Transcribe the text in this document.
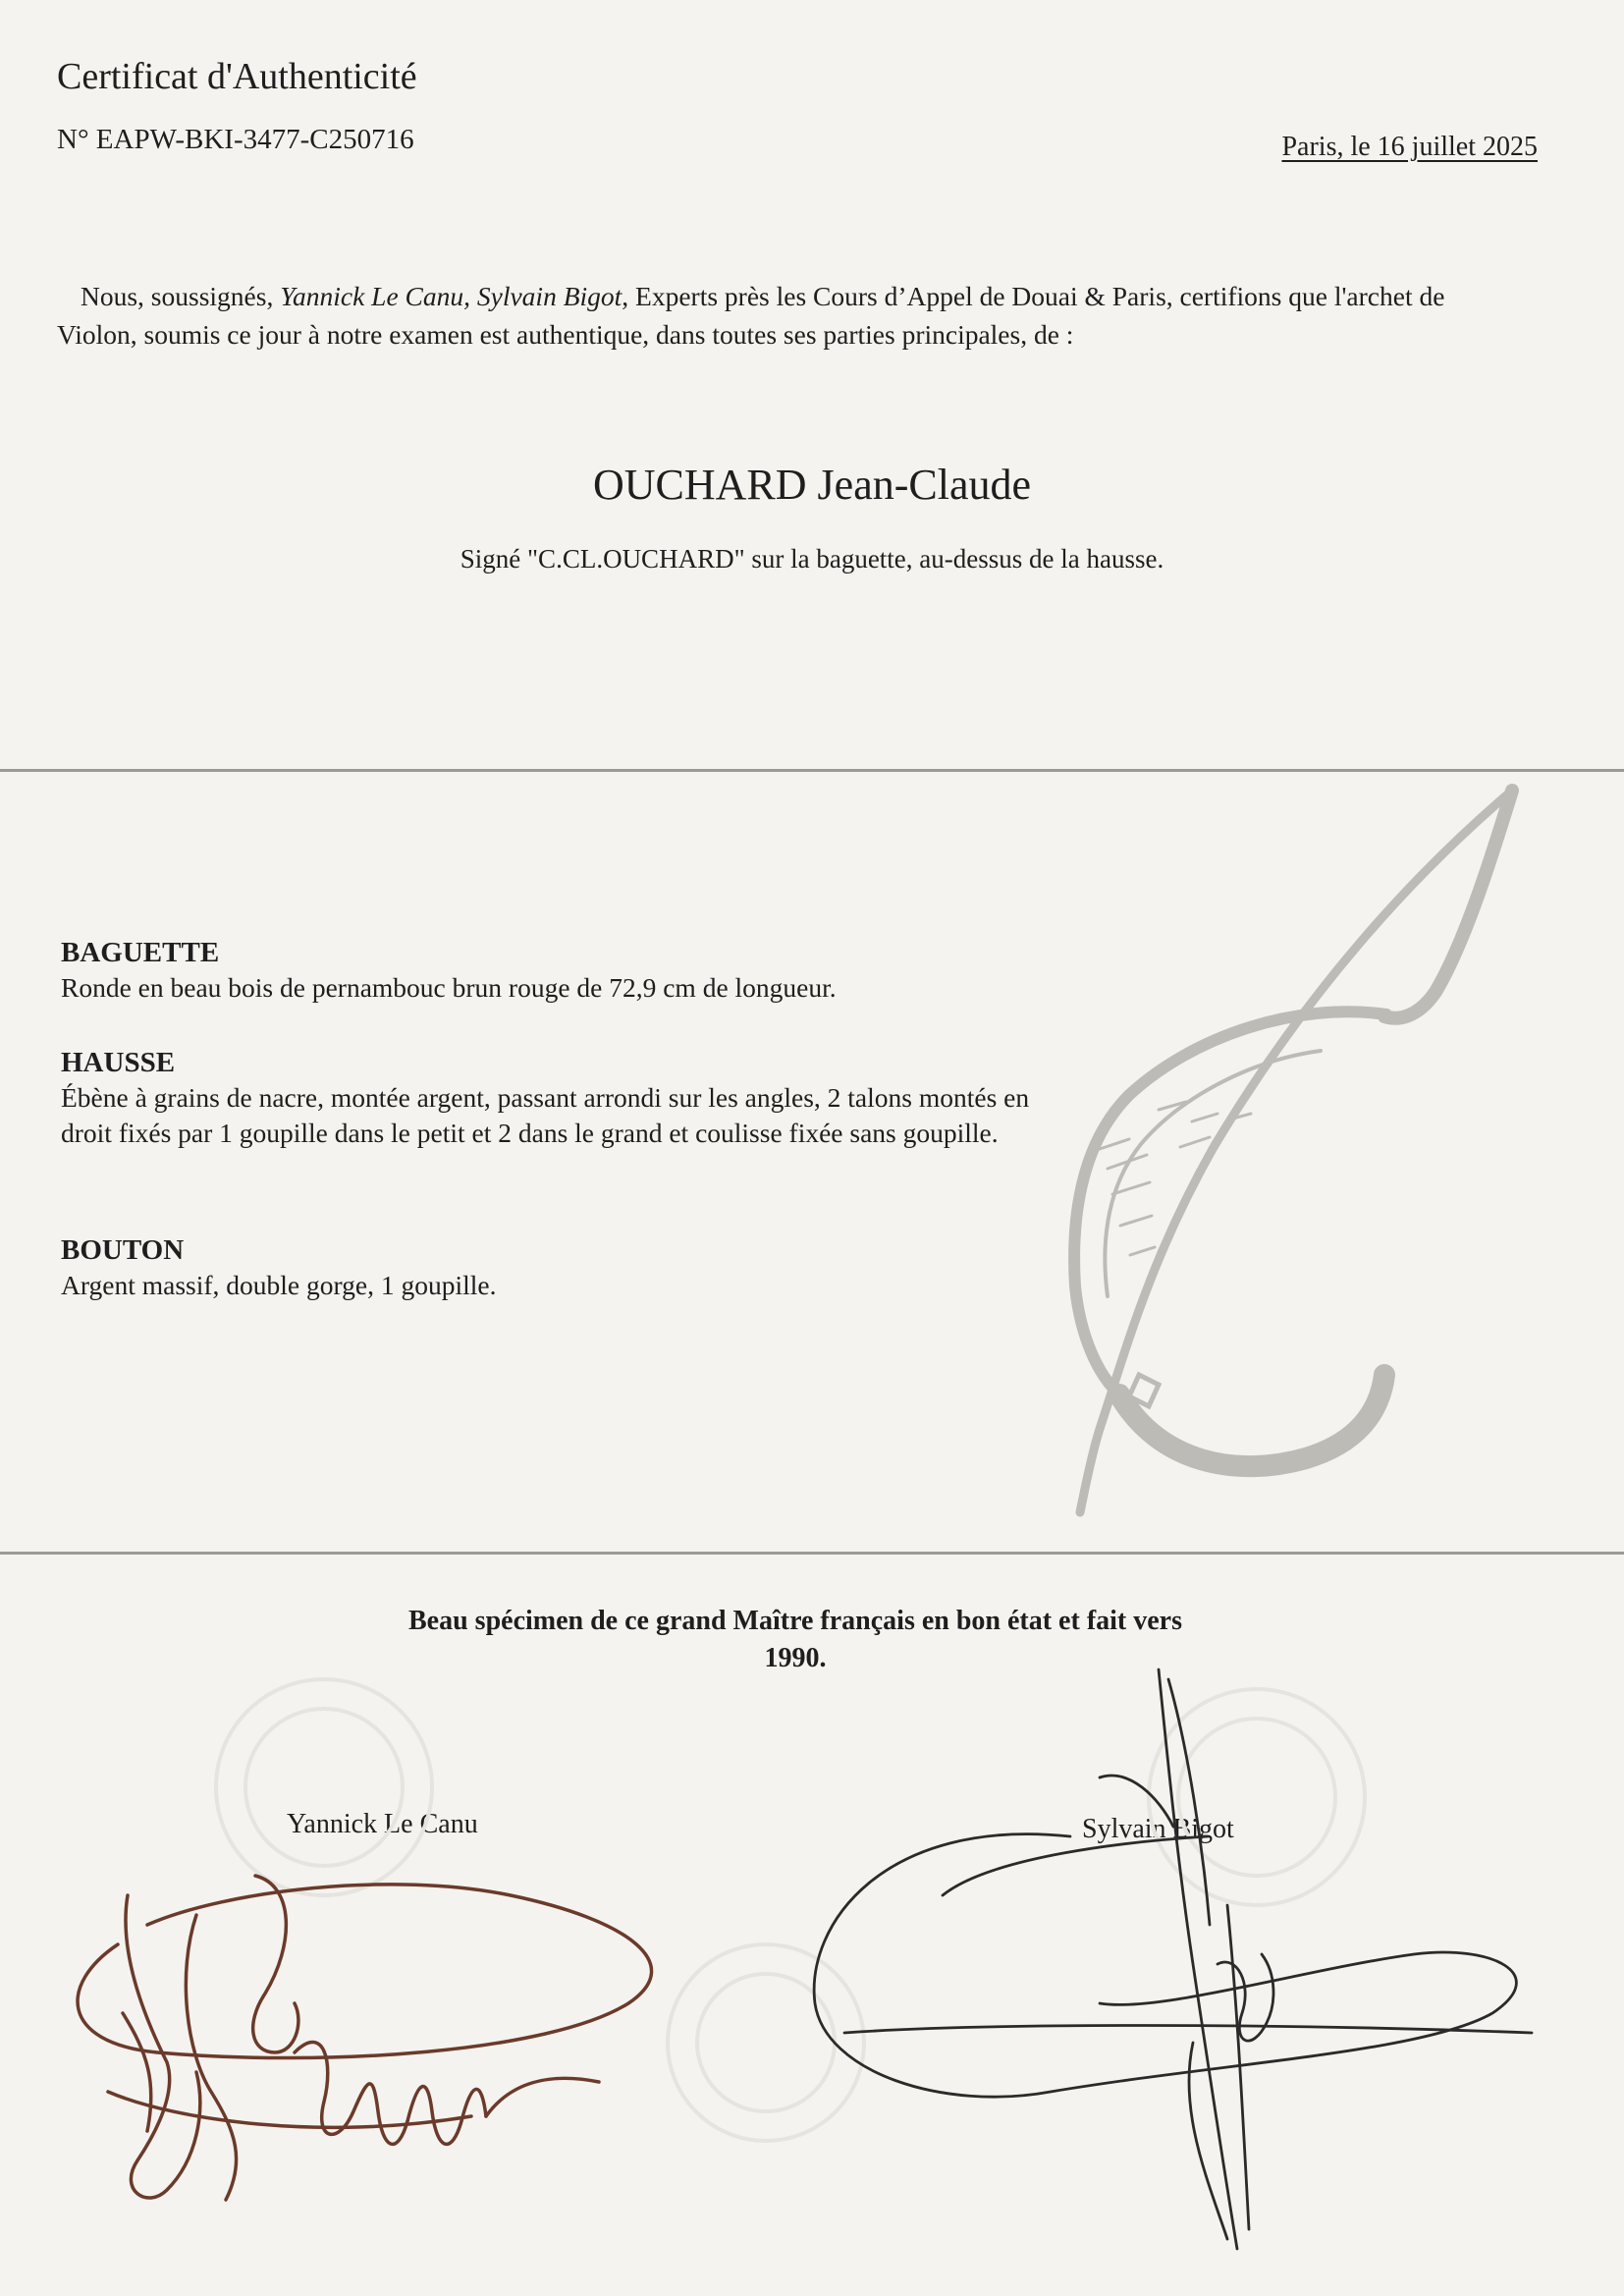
Certificat d'Authenticité
N° EAPW-BKI-3477-C250716	Paris, le 16 juillet 2025
Nous, soussignés, Yannick Le Canu, Sylvain Bigot, Experts près les Cours d’Appel de Douai & Paris, certifions que l'archet de Violon, soumis ce jour à notre examen est authentique, dans toutes ses parties principales, de :
OUCHARD Jean-Claude
Signé "C.CL.OUCHARD" sur la baguette, au-dessus de la hausse.
BAGUETTE

Ronde en beau bois de pernambouc brun rouge de 72,9 cm de longueur.

HAUSSE

Ébène à grains de nacre, montée argent, passant arrondi sur les angles, 2 talons montés en droit fixés par 1 goupille dans le petit et 2 dans le grand et coulisse fixée sans goupille.

BOUTON

Argent massif, double gorge, 1 goupille.

Beau spécimen de ce grand Maître français en bon état et fait vers
1990.
Yannick Le Canu	Sylvain Bigot
